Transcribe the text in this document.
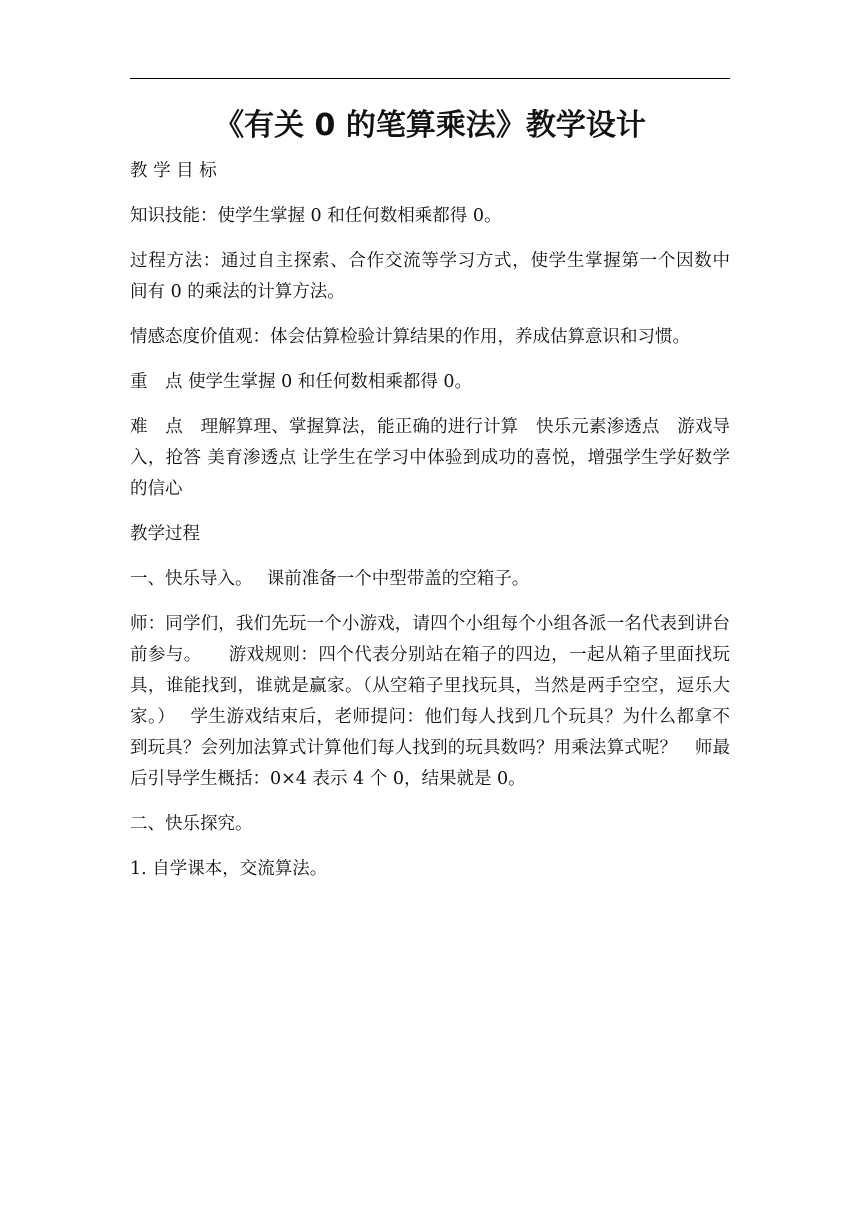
《有关 0 的笔算乘法》教学设计

教 学 目 标

知识技能：使学生掌握 0 和任何数相乘都得 0。

过程方法：通过自主探索、合作交流等学习方式，使学生掌握第一个因数中 间有 0 的乘法的计算方法。

情感态度价值观：体会估算检验计算结果的作用，养成估算意识和习惯。

重　点 使学生掌握 0 和任何数相乘都得 0。

难　点　理解算理、掌握算法，能正确的进行计算　快乐元素渗透点　游戏导入，抢答 美育渗透点 让学生在学习中体验到成功的喜悦，增强学生学好数学的信心

教学过程

一、快乐导入。　 课前准备一个中型带盖的空箱子。

师：同学们，我们先玩一个小游戏，请四个小组每个小组各派一名代表到讲台前参与。　　游戏规则：四个代表分别站在箱子的四边，一起从箱子里面找玩具，谁能找到，谁就是赢家。（从空箱子里找玩具，当然是两手空空，逗乐大家。）　 学生游戏结束后，老师提问：他们每人找到几个玩具？为什么都拿不到玩具？会列加法算式计算他们每人找到的玩具数吗？用乘法算式呢？　师最后引导学生概括：0×4 表示 4 个 0，结果就是 0。

二、快乐探究。

1. 自学课本，交流算法。
